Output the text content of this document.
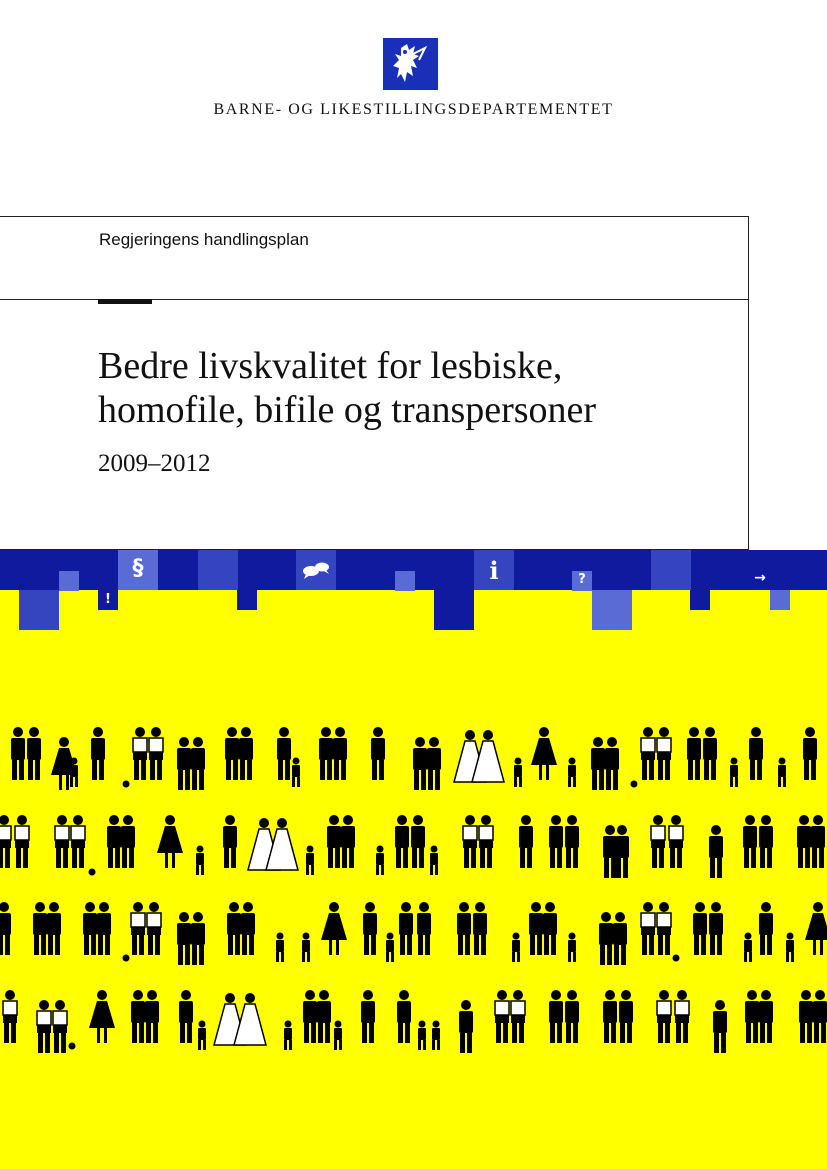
BARNE- OG LIKESTILLINGSDEPARTEMENTET
Regjeringens handlingsplan
Bedre livskvalitet for lesbiske,
homofile, bifile og transpersoner
2009–2012
§
!
i	?	→
